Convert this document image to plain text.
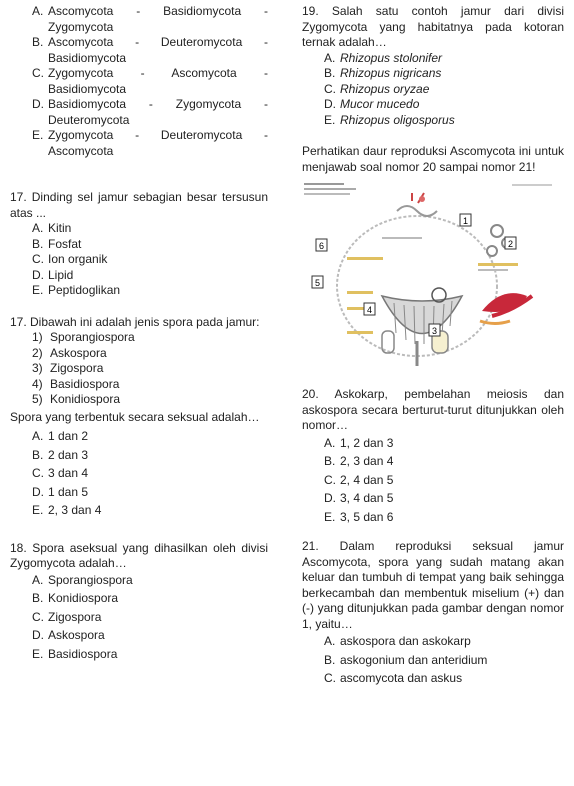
A. Ascomycota - Basidiomycota - Zygomycota
B. Ascomycota - Deuteromycota - Basidiomycota
C. Zygomycota - Ascomycota - Basidiomycota
D. Basidiomycota - Zygomycota - Deuteromycota
E. Zygomycota - Deuteromycota - Ascomycota
17. Dinding sel jamur sebagian besar tersusun atas ...
A. Kitin
B. Fosfat
C. Ion organik
D. Lipid
E. Peptidoglikan
17. Dibawah ini adalah jenis spora pada jamur:
1) Sporangiospora
2) Askospora
3) Zigospora
4) Basidiospora
5) Konidiospora
Spora yang terbentuk secara seksual adalah…
A. 1 dan 2
B. 2 dan 3
C. 3 dan 4
D. 1 dan 5
E. 2, 3 dan 4
18. Spora aseksual yang dihasilkan oleh divisi Zygomycota adalah…
A. Sporangiospora
B. Konidiospora
C. Zigospora
D. Askospora
E. Basidiospora
19. Salah satu contoh jamur dari divisi Zygomycota yang habitatnya pada kotoran ternak adalah…
A. Rhizopus stolonifer
B. Rhizopus nigricans
C. Rhizopus oryzae
D. Mucor mucedo
E. Rhizopus oligosporus
Perhatikan daur reproduksi Ascomycota ini untuk menjawab soal nomor 20 sampai nomor 21!
1
2
3
4
5
6
20. Askokarp, pembelahan meiosis dan askospora secara berturut-turut ditunjukkan oleh nomor…
A. 1, 2 dan 3
B. 2, 3 dan 4
C. 2, 4 dan 5
D. 3, 4 dan 5
E. 3, 5 dan 6
21. Dalam reproduksi seksual jamur Ascomycota, spora yang sudah matang akan keluar dan tumbuh di tempat yang baik sehingga berkecambah dan membentuk miselium (+) dan (-) yang ditunjukkan pada gambar dengan nomor 1, yaitu…
A. askospora dan askokarp
B. askogonium dan anteridium
C. ascomycota dan askus
